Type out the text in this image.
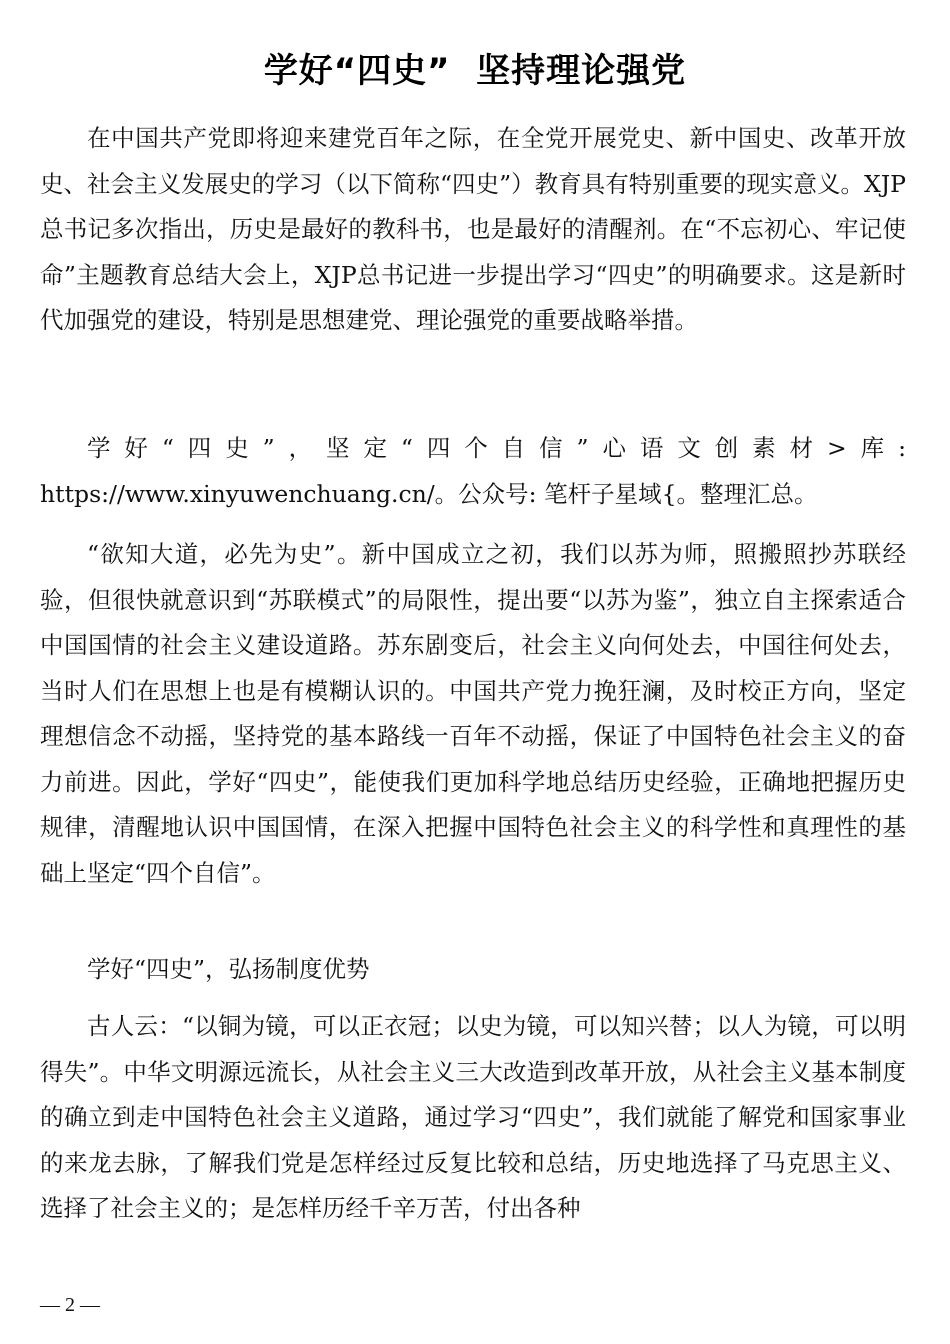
学好“四史”  坚持理论强党

在中国共产党即将迎来建党百年之际，在全党开展党史、新中国史、改革开放史、社会主义发展史的学习（以下简称“四史”）教育具有特别重要的现实意义。XJP总书记多次指出，历史是最好的教科书，也是最好的清醒剂。在“不忘初心、牢记使命”主题教育总结大会上，XJP总书记进一步提出学习“四史”的明确要求。这是新时代加强党的建设，特别是思想建党、理论强党的重要战略举措。

学好“四史”，坚定“四个自信”心语文创素材>库: https://www.xinyuwenchuang.cn/。公众号: 笔杆子星域{。整理汇总。

“欲知大道，必先为史”。新中国成立之初，我们以苏为师，照搬照抄苏联经验，但很快就意识到“苏联模式”的局限性，提出要“以苏为鉴”，独立自主探索适合中国国情的社会主义建设道路。苏东剧变后，社会主义向何处去，中国往何处去，当时人们在思想上也是有模糊认识的。中国共产党力挽狂澜，及时校正方向，坚定理想信念不动摇，坚持党的基本路线一百年不动摇，保证了中国特色社会主义的奋力前进。因此，学好“四史”，能使我们更加科学地总结历史经验，正确地把握历史规律，清醒地认识中国国情，在深入把握中国特色社会主义的科学性和真理性的基础上坚定“四个自信”。

学好“四史”，弘扬制度优势

古人云：“以铜为镜，可以正衣冠；以史为镜，可以知兴替；以人为镜，可以明得失”。中华文明源远流长，从社会主义三大改造到改革开放，从社会主义基本制度的确立到走中国特色社会主义道路，通过学习“四史”，我们就能了解党和国家事业的来龙去脉，了解我们党是怎样经过反复比较和总结，历史地选择了马克思主义、选择了社会主义的；是怎样历经千辛万苦，付出各种

— 2 —
